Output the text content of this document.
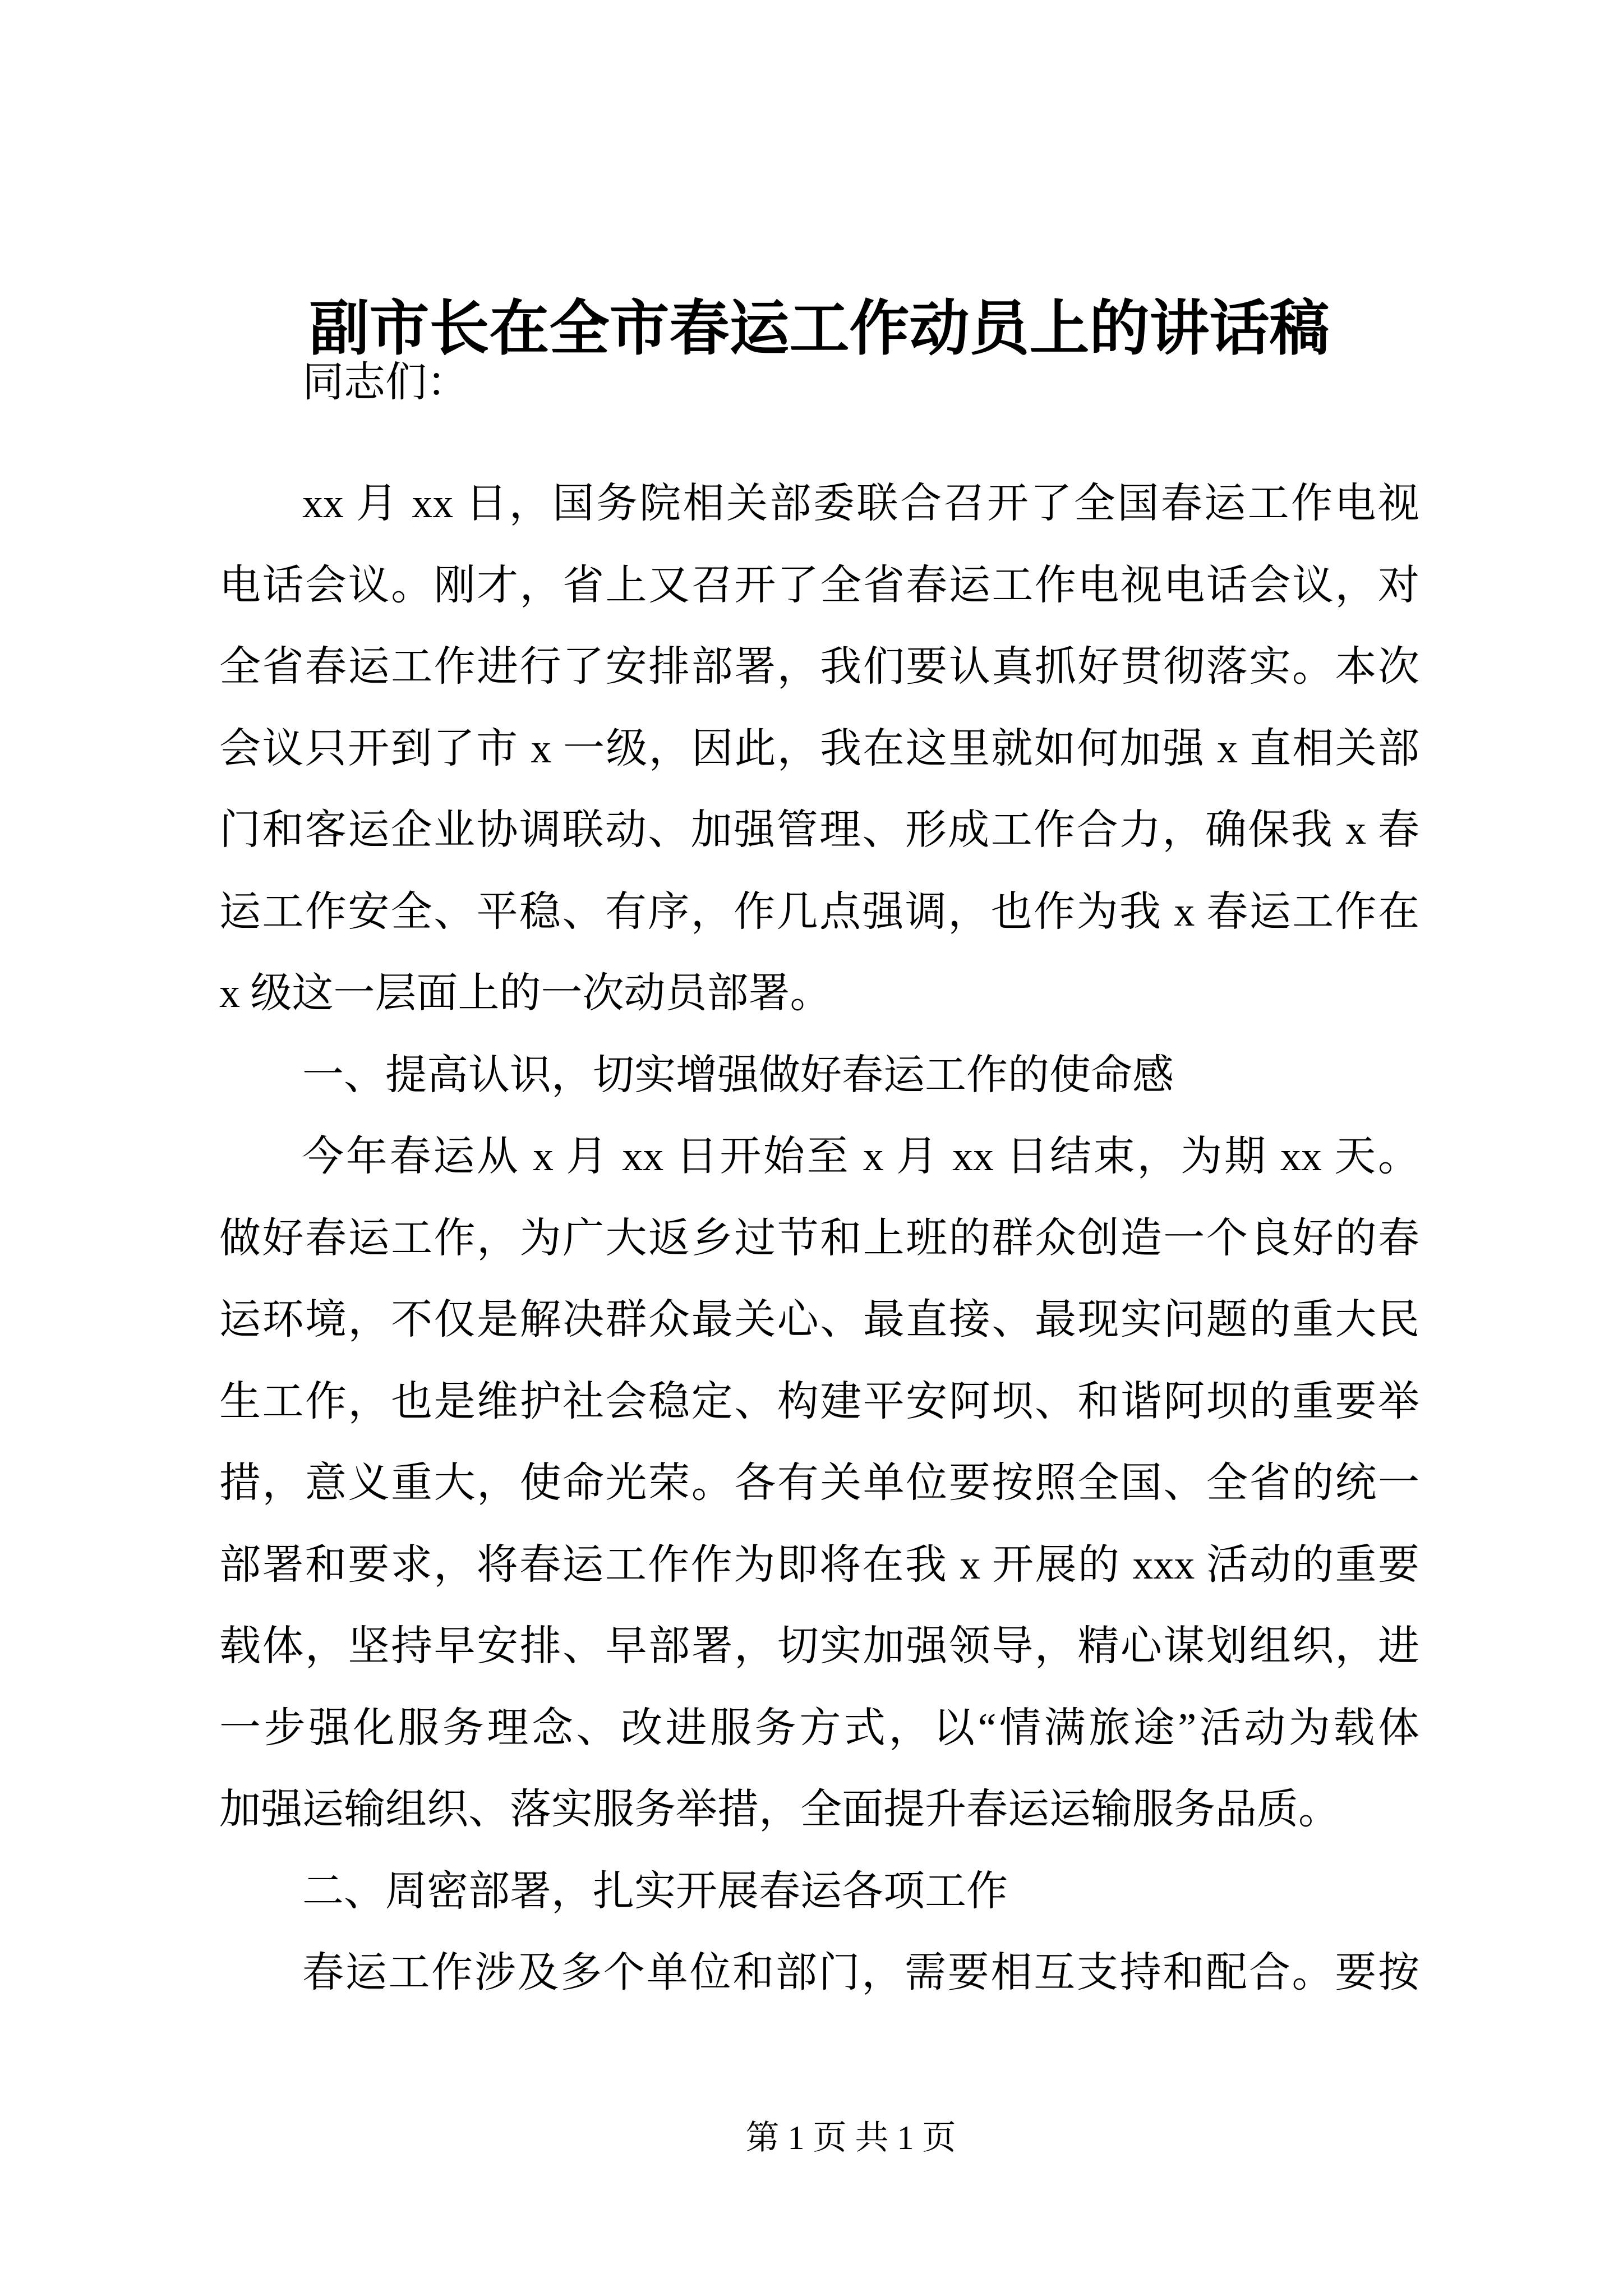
副市长在全市春运工作动员上的讲话稿
同志们：
xx 月 xx 日，国务院相关部委联合召开了全国春运工作电视
电话会议。刚才，省上又召开了全省春运工作电视电话会议，对
全省春运工作进行了安排部署，我们要认真抓好贯彻落实。本次
会议只开到了市 x 一级，因此，我在这里就如何加强 x 直相关部
门和客运企业协调联动、加强管理、形成工作合力，确保我 x 春
运工作安全、平稳、有序，作几点强调，也作为我 x 春运工作在
x 级这一层面上的一次动员部署。
一、提高认识，切实增强做好春运工作的使命感
今年春运从 x 月 xx 日开始至 x 月 xx 日结束，为期 xx 天。
做好春运工作，为广大返乡过节和上班的群众创造一个良好的春
运环境，不仅是解决群众最关心、最直接、最现实问题的重大民
生工作，也是维护社会稳定、构建平安阿坝、和谐阿坝的重要举
措，意义重大，使命光荣。各有关单位要按照全国、全省的统一
部署和要求，将春运工作作为即将在我 x 开展的 xxx 活动的重要
载体，坚持早安排、早部署，切实加强领导，精心谋划组织，进
一步强化服务理念、改进服务方式，以“情满旅途”活动为载体
加强运输组织、落实服务举措，全面提升春运运输服务品质。
二、周密部署，扎实开展春运各项工作
春运工作涉及多个单位和部门，需要相互支持和配合。要按
第 1 页 共 1 页
